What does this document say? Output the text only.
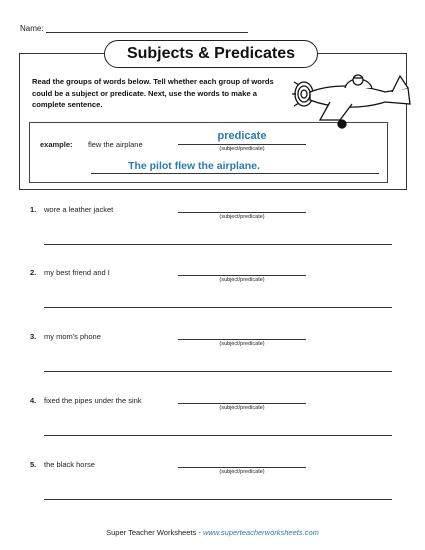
Name:
Subjects & Predicates
Read the groups of words below. Tell whether each group of words could be a subject or predicate. Next, use the words to make a complete sentence.
example: flew the airplane
predicate
(subject/predicate)
The pilot flew the airplane.
1. wore a leather jacket
(subject/predicate)
2. my best friend and I
(subject/predicate)
3. my mom's phone
(subject/predicate)
4. fixed the pipes under the sink
(subject/predicate)
5. the black horse
(subject/predicate)
Super Teacher Worksheets - www.superteacherworksheets.com
